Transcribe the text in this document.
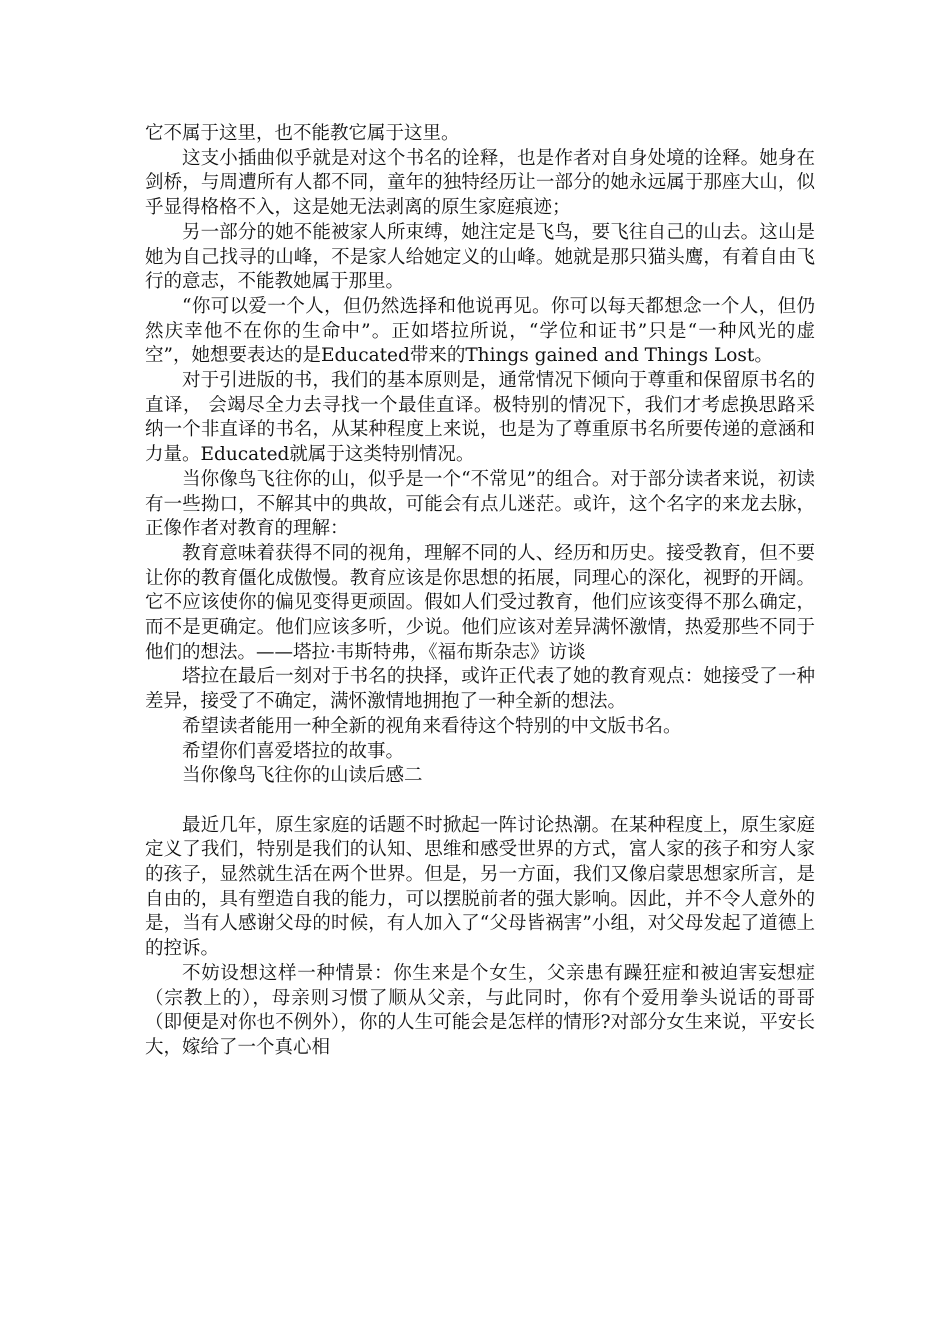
它不属于这里，也不能教它属于这里。

这支小插曲似乎就是对这个书名的诠释，也是作者对自身处境的诠释。她身在剑桥，与周遭所有人都不同，童年的独特经历让一部分的她永远属于那座大山，似乎显得格格不入，这是她无法剥离的原生家庭痕迹；

另一部分的她不能被家人所束缚，她注定是飞鸟，要飞往自己的山去。这山是她为自己找寻的山峰，不是家人给她定义的山峰。她就是那只猫头鹰，有着自由飞行的意志，不能教她属于那里。

“你可以爱一个人，但仍然选择和他说再见。你可以每天都想念一个人，但仍然庆幸他不在你的生命中”。正如塔拉所说，“学位和证书”只是“一种风光的虚空”，她想要表达的是Educated带来的Things gained and Things Lost。

对于引进版的书，我们的基本原则是，通常情况下倾向于尊重和保留原书名的直译， 会竭尽全力去寻找一个最佳直译。极特别的情况下，我们才考虑换思路采纳一个非直译的书名，从某种程度上来说，也是为了尊重原书名所要传递的意涵和力量。Educated就属于这类特别情况。

当你像鸟飞往你的山，似乎是一个“不常见”的组合。对于部分读者来说，初读有一些拗口，不解其中的典故，可能会有点儿迷茫。或许，这个名字的来龙去脉，正像作者对教育的理解：

教育意味着获得不同的视角，理解不同的人、经历和历史。接受教育，但不要让你的教育僵化成傲慢。教育应该是你思想的拓展，同理心的深化，视野的开阔。它不应该使你的偏见变得更顽固。假如人们受过教育，他们应该变得不那么确定，而不是更确定。他们应该多听，少说。他们应该对差异满怀激情，热爱那些不同于他们的想法。——塔拉·韦斯特弗，《福布斯杂志》访谈

塔拉在最后一刻对于书名的抉择，或许正代表了她的教育观点：她接受了一种差异，接受了不确定，满怀激情地拥抱了一种全新的想法。

希望读者能用一种全新的视角来看待这个特别的中文版书名。

希望你们喜爱塔拉的故事。

当你像鸟飞往你的山读后感二

最近几年，原生家庭的话题不时掀起一阵讨论热潮。在某种程度上，原生家庭定义了我们，特别是我们的认知、思维和感受世界的方式，富人家的孩子和穷人家的孩子，显然就生活在两个世界。但是，另一方面，我们又像启蒙思想家所言，是自由的，具有塑造自我的能力，可以摆脱前者的强大影响。因此，并不令人意外的是，当有人感谢父母的时候，有人加入了“父母皆祸害”小组，对父母发起了道德上的控诉。

不妨设想这样一种情景：你生来是个女生，父亲患有躁狂症和被迫害妄想症（宗教上的），母亲则习惯了顺从父亲，与此同时，你有个爱用拳头说话的哥哥（即便是对你也不例外），你的人生可能会是怎样的情形?对部分女生来说，平安长大，嫁给了一个真心相
